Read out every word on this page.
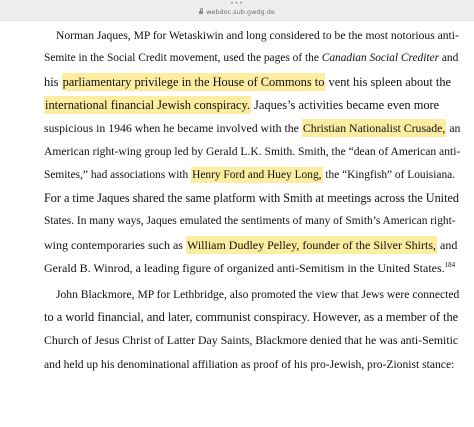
•••
webdoc.sub.gwdg.de
Norman Jaques, MP for Wetaskiwin and long considered to be the most notorious anti-
Semite in the Social Credit movement, used the pages of the Canadian Social Crediter and
his parliamentary privilege in the House of Commons to vent his spleen about the
international financial Jewish conspiracy. Jaques’s activities became even more
suspicious in 1946 when he became involved with the Christian Nationalist Crusade, an
American right-wing group led by Gerald L.K. Smith. Smith, the “dean of American anti-
Semites,” had associations with Henry Ford and Huey Long, the “Kingfish” of Louisiana.
For a time Jaques shared the same platform with Smith at meetings across the United
States. In many ways, Jaques emulated the sentiments of many of Smith’s American right-
wing contemporaries such as William Dudley Pelley, founder of the Silver Shirts, and
Gerald B. Winrod, a leading figure of organized anti-Semitism in the United States.$^{184}$
John Blackmore, MP for Lethbridge, also promoted the view that Jews were connected
to a world financial, and later, communist conspiracy. However, as a member of the
Church of Jesus Christ of Latter Day Saints, Blackmore denied that he was anti-Semitic
and held up his denominational affiliation as proof of his pro-Jewish, pro-Zionist stance:
